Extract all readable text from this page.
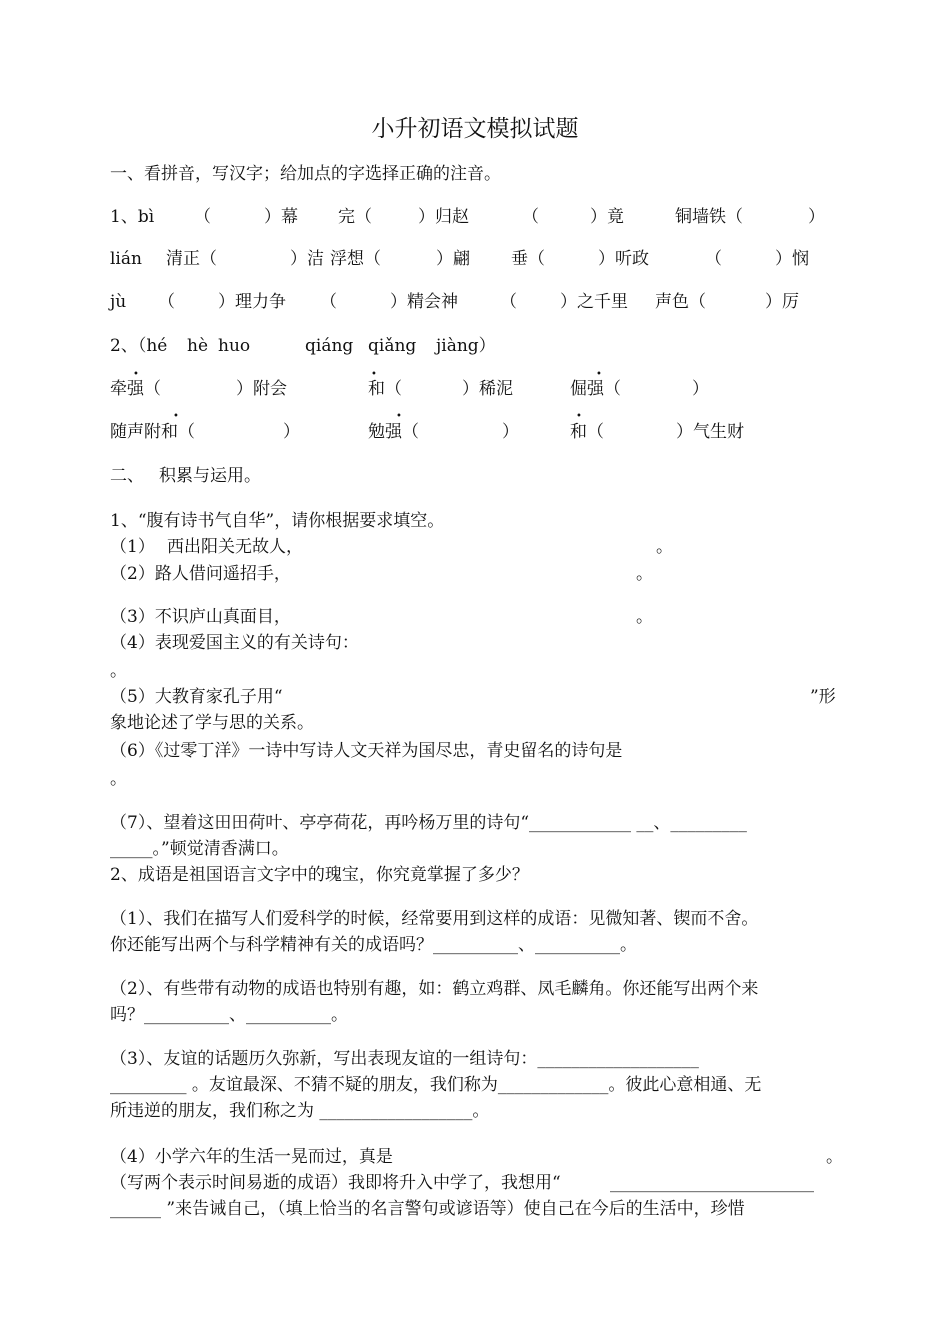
小升初语文模拟试题
一、看拼音，写汉字；给加点的字选择正确的注音。
1、bì （	）幕 完（	）归赵	（	）竟	铜墙铁（	）
lián 清正（	）洁 浮想（	）翩 垂（	）听政	（	）悯
jù （	）理力争 （	）精会神 （	）之千里 声色（	）厉
2、（hé hè huo	qiáng qiǎng jiàng）
牵强（	）附会	和（	）稀泥	倔强（	）
随声附和（	）	勉强（	）	和（	）气生财
二、 积累与运用。
1、“腹有诗书气自华”，请你根据要求填空。
（1） 西出阳关无故人，	。
（2）路人借问遥招手，	。
（3）不识庐山真面目，	。
（4）表现爱国主义的有关诗句：
。
（5）大教育家孔子用“	”形
象地论述了学与思的关系。
（6）《过零丁洋》一诗中写诗人文天祥为国尽忠，青史留名的诗句是
。
（7）、望着这田田荷叶、亭亭荷花，再吟杨万里的诗句“____________ __、_________
_____。”顿觉清香满口。
2、成语是祖国语言文字中的瑰宝，你究竟掌握了多少？
（1）、我们在描写人们爱科学的时候，经常要用到这样的成语：见微知著、锲而不舍。
你还能写出两个与科学精神有关的成语吗？__________、__________。
（2）、有些带有动物的成语也特别有趣，如：鹤立鸡群、凤毛麟角。你还能写出两个来
吗？__________、__________。
（3）、友谊的话题历久弥新，写出表现友谊的一组诗句：___________________
_________ 。友谊最深、不猜不疑的朋友，我们称为_____________。彼此心意相通、无
所违逆的朋友，我们称之为 __________________。
（4）小学六年的生活一晃而过，真是	。
（写两个表示时间易逝的成语）我即将升入中学了，我想用“	________________________
______ ”来告诫自己，（填上恰当的名言警句或谚语等）使自己在今后的生活中，珍惜
•	•	•
•	•	•
